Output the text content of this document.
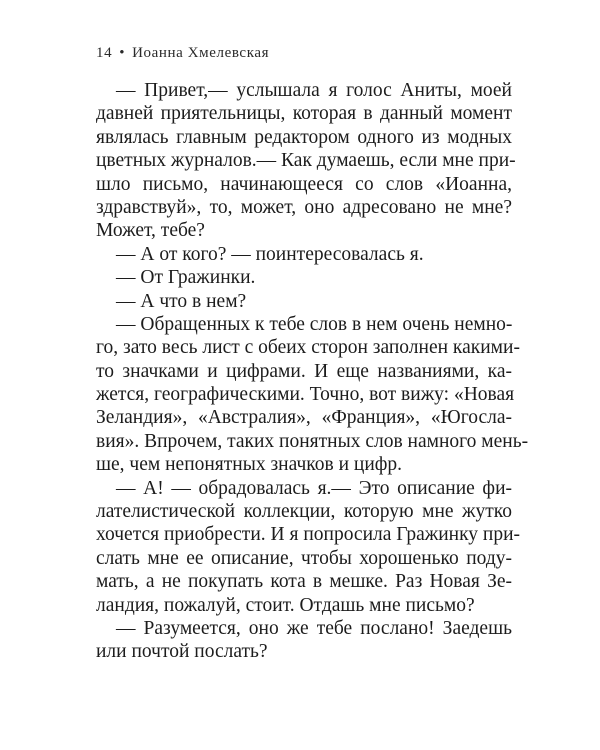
14 • Иоанна Хмелевская
— Привет,— услышала я голос Аниты, моей
давней приятельницы, которая в данный момент
являлась главным редактором одного из модных
цветных журналов.— Как думаешь, если мне при-
шло письмо, начинающееся со слов «Иоанна,
здравствуй», то, может, оно адресовано не мне?
Может, тебе?
— А от кого? — поинтересовалась я.
— От Гражинки.
— А что в нем?
— Обращенных к тебе слов в нем очень немно-
го, зато весь лист с обеих сторон заполнен какими-
то значками и цифрами. И еще названиями, ка-
жется, географическими. Точно, вот вижу: «Новая
Зеландия», «Австралия», «Франция», «Югосла-
вия». Впрочем, таких понятных слов намного мень-
ше, чем непонятных значков и цифр.
— А! — обрадовалась я.— Это описание фи-
лателистической коллекции, которую мне жутко
хочется приобрести. И я попросила Гражинку при-
слать мне ее описание, чтобы хорошенько поду-
мать, а не покупать кота в мешке. Раз Новая Зе-
ландия, пожалуй, стоит. Отдашь мне письмо?
— Разумеется, оно же тебе послано! Заедешь
или почтой послать?
